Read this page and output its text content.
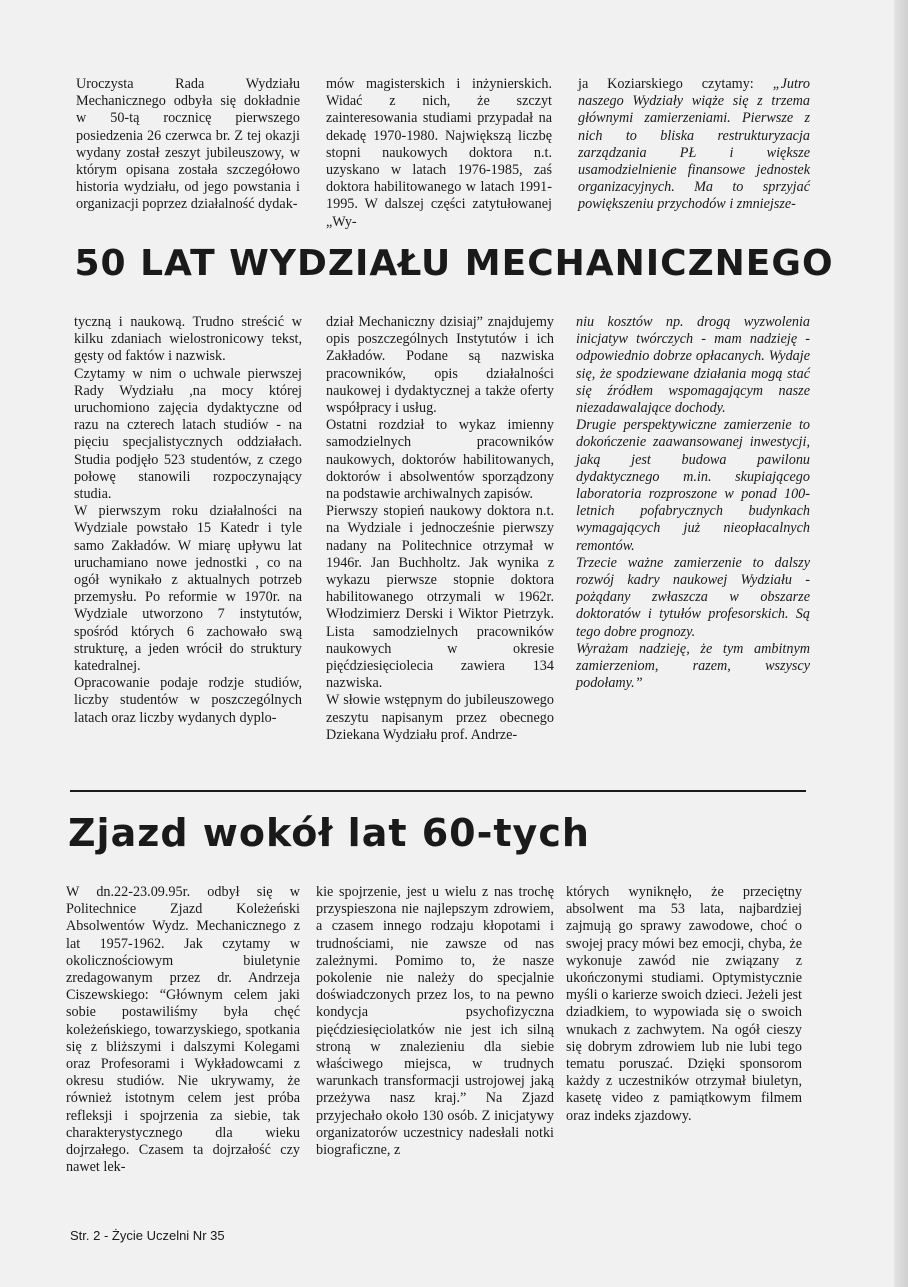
Uroczysta Rada Wydziału Mechanicznego odbyła się dokładnie w 50-tą rocznicę pierwszego posiedzenia 26 czerwca br. Z tej okazji wydany został zeszyt jubileuszowy, w którym opisana została szczegółowo historia wydziału, od jego powstania i organizacji poprzez działalność dydak-

mów magisterskich i inżynierskich. Widać z nich, że szczyt zainteresowania studiami przypadał na dekadę 1970-1980. Największą liczbę stopni naukowych doktora n.t. uzyskano w latach 1976-1985, zaś doktora habilitowanego w latach 1991-1995. W dalszej części zatytułowanej „Wy-

ja Koziarskiego czytamy: „Jutro naszego Wydziały wiąże się z trzema głównymi zamierzeniami. Pierwsze z nich to bliska restrukturyzacja zarządzania PŁ i większe usamodzielnienie finansowe jednostek organizacyjnych. Ma to sprzyjać powiększeniu przychodów i zmniejsze-

50 LAT WYDZIAŁU MECHANICZNEGO

tyczną i naukową. Trudno streścić w kilku zdaniach wielostronicowy tekst, gęsty od faktów i nazwisk.

Czytamy w nim o uchwale pierwszej Rady Wydziału ,na mocy której uruchomiono zajęcia dydaktyczne od razu na czterech latach studiów - na pięciu specjalistycznych oddziałach. Studia podjęło 523 studentów, z czego połowę stanowili rozpoczynający studia.

W pierwszym roku działalności na Wydziale powstało 15 Katedr i tyle samo Zakładów. W miarę upływu lat uruchamiano nowe jednostki , co na ogół wynikało z aktualnych potrzeb przemysłu. Po reformie w 1970r. na Wydziale utworzono 7 instytutów, spośród których 6 zachowało swą strukturę, a jeden wrócił do struktury katedralnej.

Opracowanie podaje rodzje studiów, liczby studentów w poszczególnych latach oraz liczby wydanych dyplo-

dział Mechaniczny dzisiaj” znajdujemy opis poszczególnych Instytutów i ich Zakładów. Podane są nazwiska pracowników, opis działalności naukowej i dydaktycznej a także oferty współpracy i usług.

Ostatni rozdział to wykaz imienny samodzielnych pracowników naukowych, doktorów habilitowanych, doktorów i absolwentów sporządzony na podstawie archiwalnych zapisów.

Pierwszy stopień naukowy doktora n.t. na Wydziale i jednocześnie pierwszy nadany na Politechnice otrzymał w 1946r. Jan Buchholtz. Jak wynika z wykazu pierwsze stopnie doktora habilitowanego otrzymali w 1962r. Włodzimierz Derski i Wiktor Pietrzyk. Lista samodzielnych pracowników naukowych w okresie pięćdziesięciolecia zawiera 134 nazwiska.

W słowie wstępnym do jubileuszowego zeszytu napisanym przez obecnego Dziekana Wydziału prof. Andrze-

niu kosztów np. drogą wyzwolenia inicjatyw twórczych - mam nadzieję - odpowiednio dobrze opłacanych. Wydaje się, że spodziewane działania mogą stać się źródłem wspomagającym nasze niezadawalające dochody.

Drugie perspektywiczne zamierzenie to dokończenie zaawansowanej inwestycji, jaką jest budowa pawilonu dydaktycznego m.in. skupiającego laboratoria rozproszone w ponad 100-letnich pofabrycznych budynkach wymagających już nieopłacalnych remontów.

Trzecie ważne zamierzenie to dalszy rozwój kadry naukowej Wydziału - pożądany zwłaszcza w obszarze doktoratów i tytułów profesorskich. Są tego dobre prognozy.

Wyrażam nadzieję, że tym ambitnym zamierzeniom, razem, wszyscy podołamy.”

Zjazd wokół lat 60-tych

W dn.22-23.09.95r. odbył się w Politechnice Zjazd Koleżeński Absolwentów Wydz. Mechanicznego z lat 1957-1962. Jak czytamy w okolicznościowym biuletynie zredagowanym przez dr. Andrzeja Ciszewskiego: “Głównym celem jaki sobie postawiliśmy była chęć koleżeńskiego, towarzyskiego, spotkania się z bliższymi i dalszymi Kolegami oraz Profesorami i Wykładowcami z okresu studiów. Nie ukrywamy, że również istotnym celem jest próba refleksji i spojrzenia za siebie, tak charakterystycznego dla wieku dojrzałego. Czasem ta dojrzałość czy nawet lek-

kie spojrzenie, jest u wielu z nas trochę przyspieszona nie najlepszym zdrowiem, a czasem innego rodzaju kłopotami i trudnościami, nie zawsze od nas zależnymi. Pomimo to, że nasze pokolenie nie należy do specjalnie doświadczonych przez los, to na pewno kondycja psychofizyczna pięćdziesięciolatków nie jest ich silną stroną w znalezieniu dla siebie właściwego miejsca, w trudnych warunkach transformacji ustrojowej jaką przeżywa nasz kraj.” Na Zjazd przyjechało około 130 osób. Z inicjatywy organizatorów uczestnicy nadesłali notki biograficzne, z

których wyniknęło, że przeciętny absolwent ma 53 lata, najbardziej zajmują go sprawy zawodowe, choć o swojej pracy mówi bez emocji, chyba, że wykonuje zawód nie związany z ukończonymi studiami. Optymistycznie myśli o karierze swoich dzieci. Jeżeli jest dziadkiem, to wypowiada się o swoich wnukach z zachwytem. Na ogół cieszy się dobrym zdrowiem lub nie lubi tego tematu poruszać. Dzięki sponsorom każdy z uczestników otrzymał biuletyn, kasetę video z pamiątkowym filmem oraz indeks zjazdowy.

Str. 2 - Życie Uczelni Nr 35
